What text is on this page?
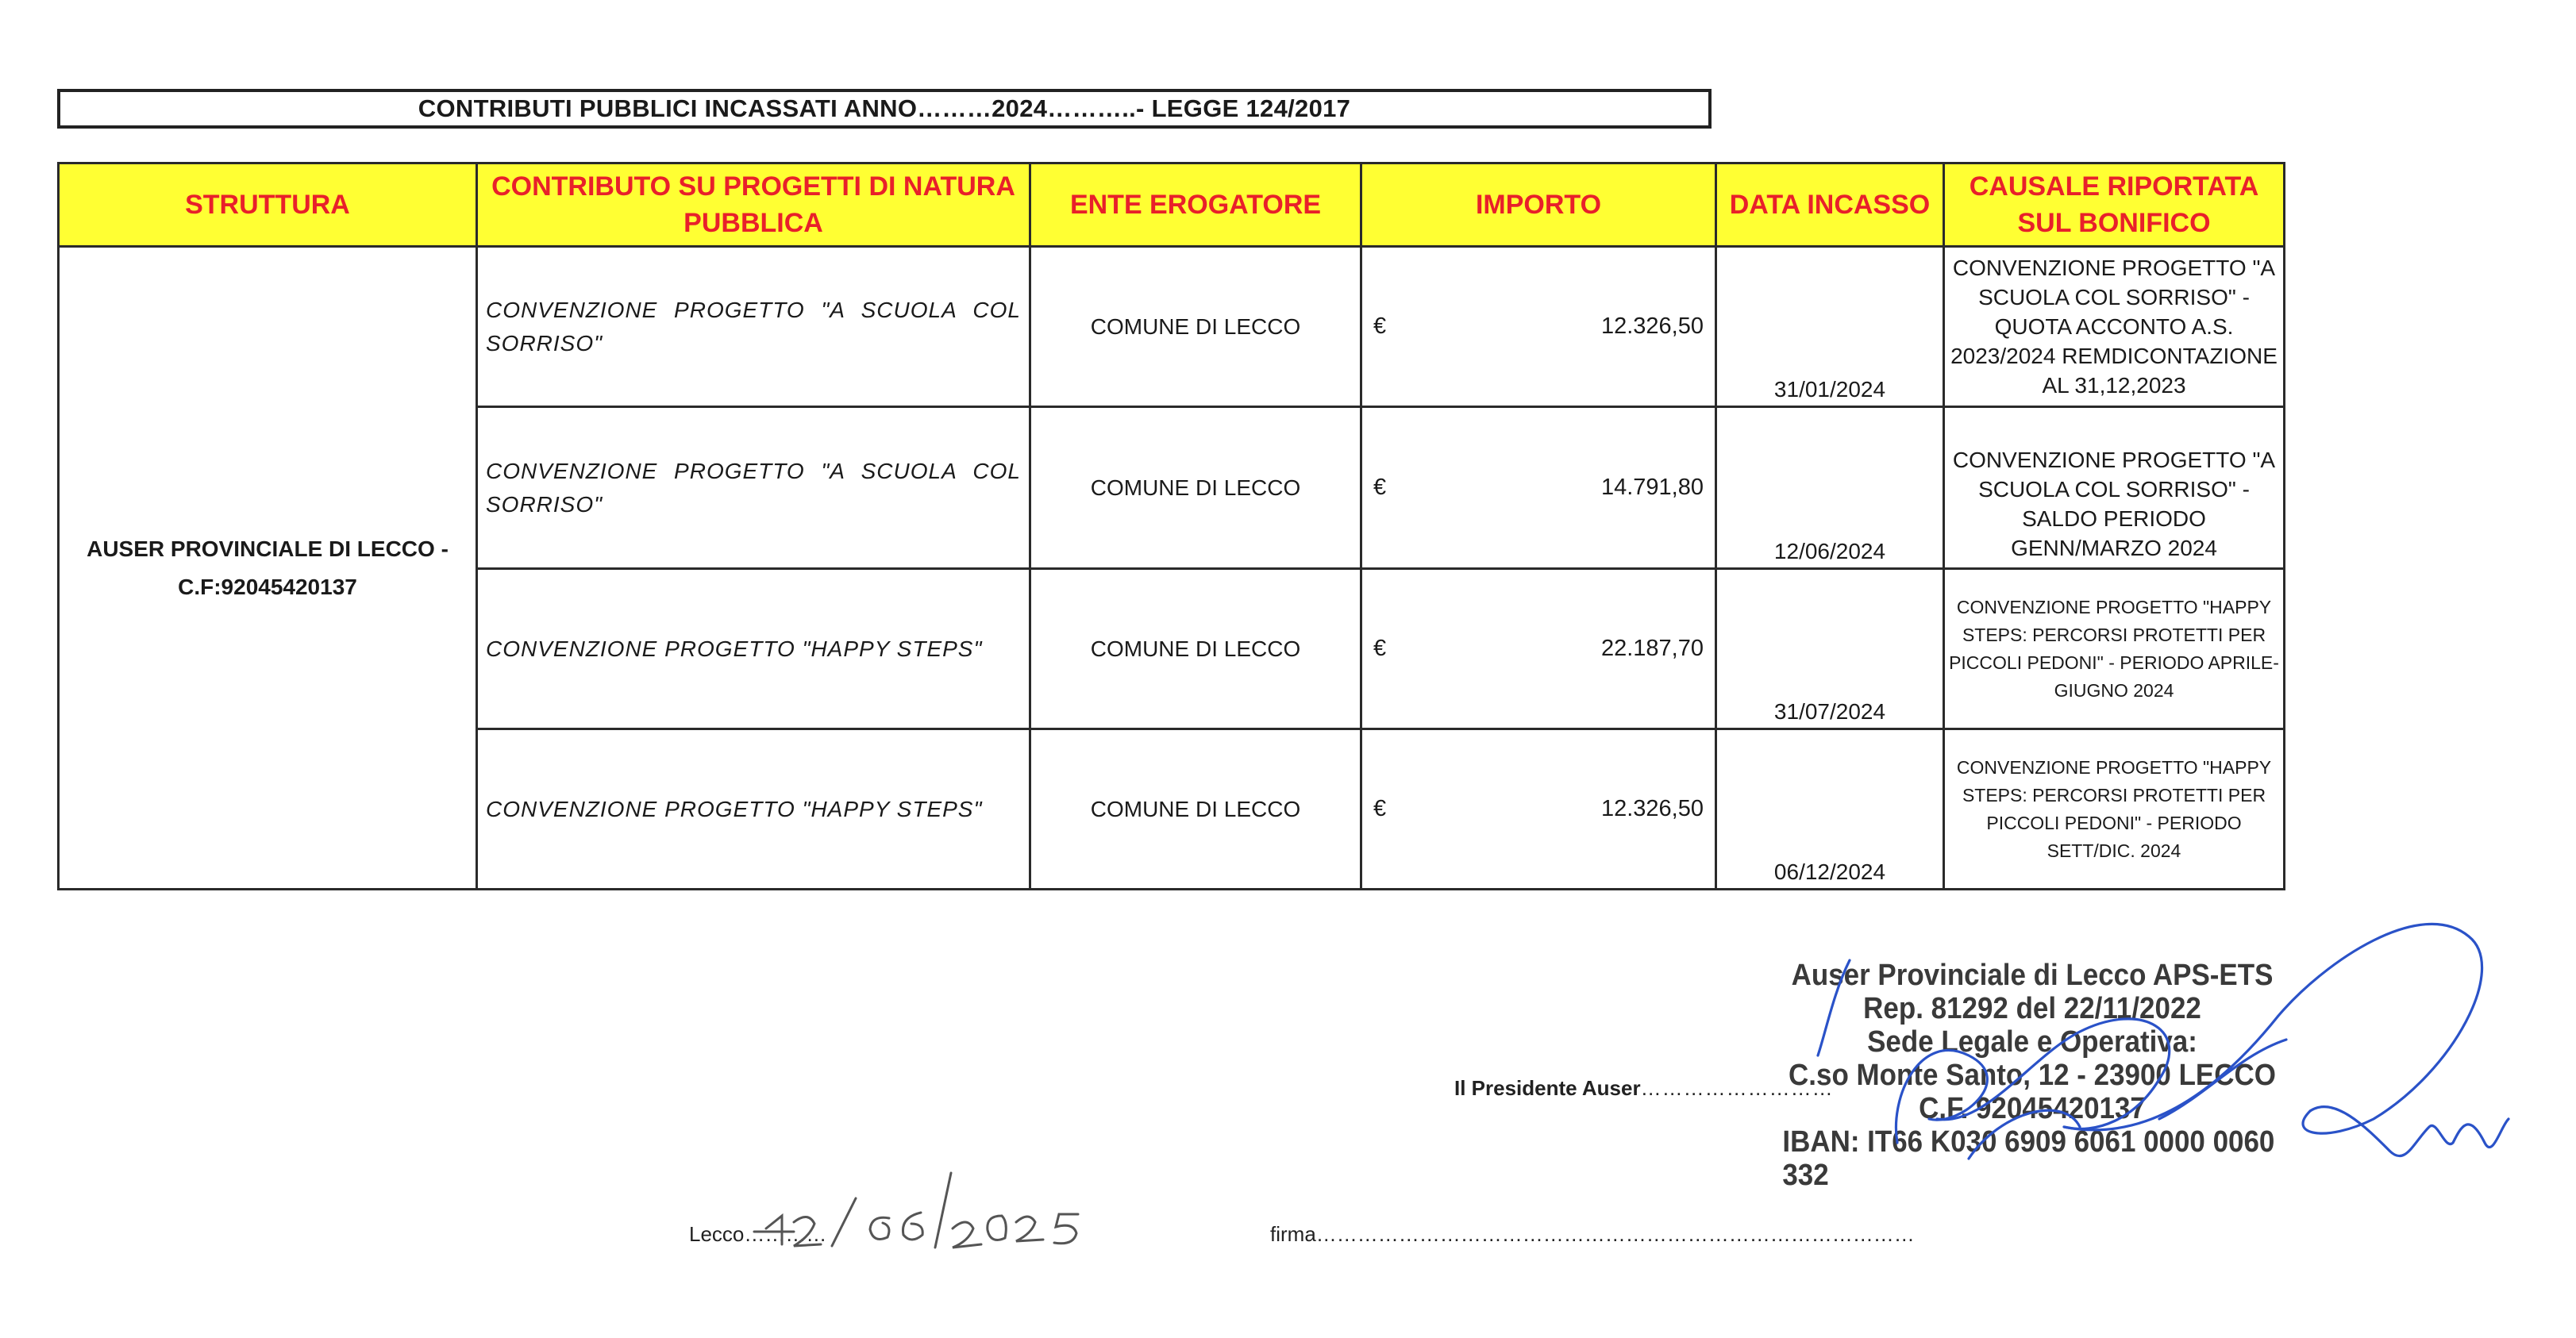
CONTRIBUTI PUBBLICI INCASSATI ANNO………2024………..- LEGGE 124/2017
STRUTTURA	CONTRIBUTO SU PROGETTI DI NATURA PUBBLICA	ENTE EROGATORE	IMPORTO	DATA INCASSO	CAUSALE RIPORTATA SUL BONIFICO
AUSER PROVINCIALE DI LECCO - C.F:92045420137	CONVENZIONE PROGETTO "A SCUOLA COL SORRISO"	COMUNE DI LECCO	€ 12.326,50	31/01/2024	CONVENZIONE PROGETTO "A SCUOLA COL SORRISO" - QUOTA ACCONTO A.S. 2023/2024 REMDICONTAZIONE AL 31,12,2023

	CONVENZIONE PROGETTO "A SCUOLA COL SORRISO"	COMUNE DI LECCO	€ 14.791,80	12/06/2024	CONVENZIONE PROGETTO "A SCUOLA COL SORRISO" - SALDO PERIODO GENN/MARZO 2024

	CONVENZIONE PROGETTO "HAPPY STEPS"	COMUNE DI LECCO	€ 22.187,70	31/07/2024	CONVENZIONE PROGETTO "HAPPY STEPS: PERCORSI PROTETTI PER PICCOLI PEDONI" - PERIODO APRILE-GIUGNO 2024

	CONVENZIONE PROGETTO "HAPPY STEPS"	COMUNE DI LECCO	€ 12.326,50	06/12/2024	CONVENZIONE PROGETTO "HAPPY STEPS: PERCORSI PROTETTI PER PICCOLI PEDONI" - PERIODO SETT/DIC. 2024
Auser Provinciale di Lecco APS-ETS
Rep. 81292 del 22/11/2022
Sede Legale e Operativa:
C.so Monte Santo, 12 - 23900 LECCO
C.F. 92045420137
IBAN: IT66 K030 6909 6061 0000 0060 332
Il Presidente Auser………………………
Lecco…………	firma……………………………………………………………………………
